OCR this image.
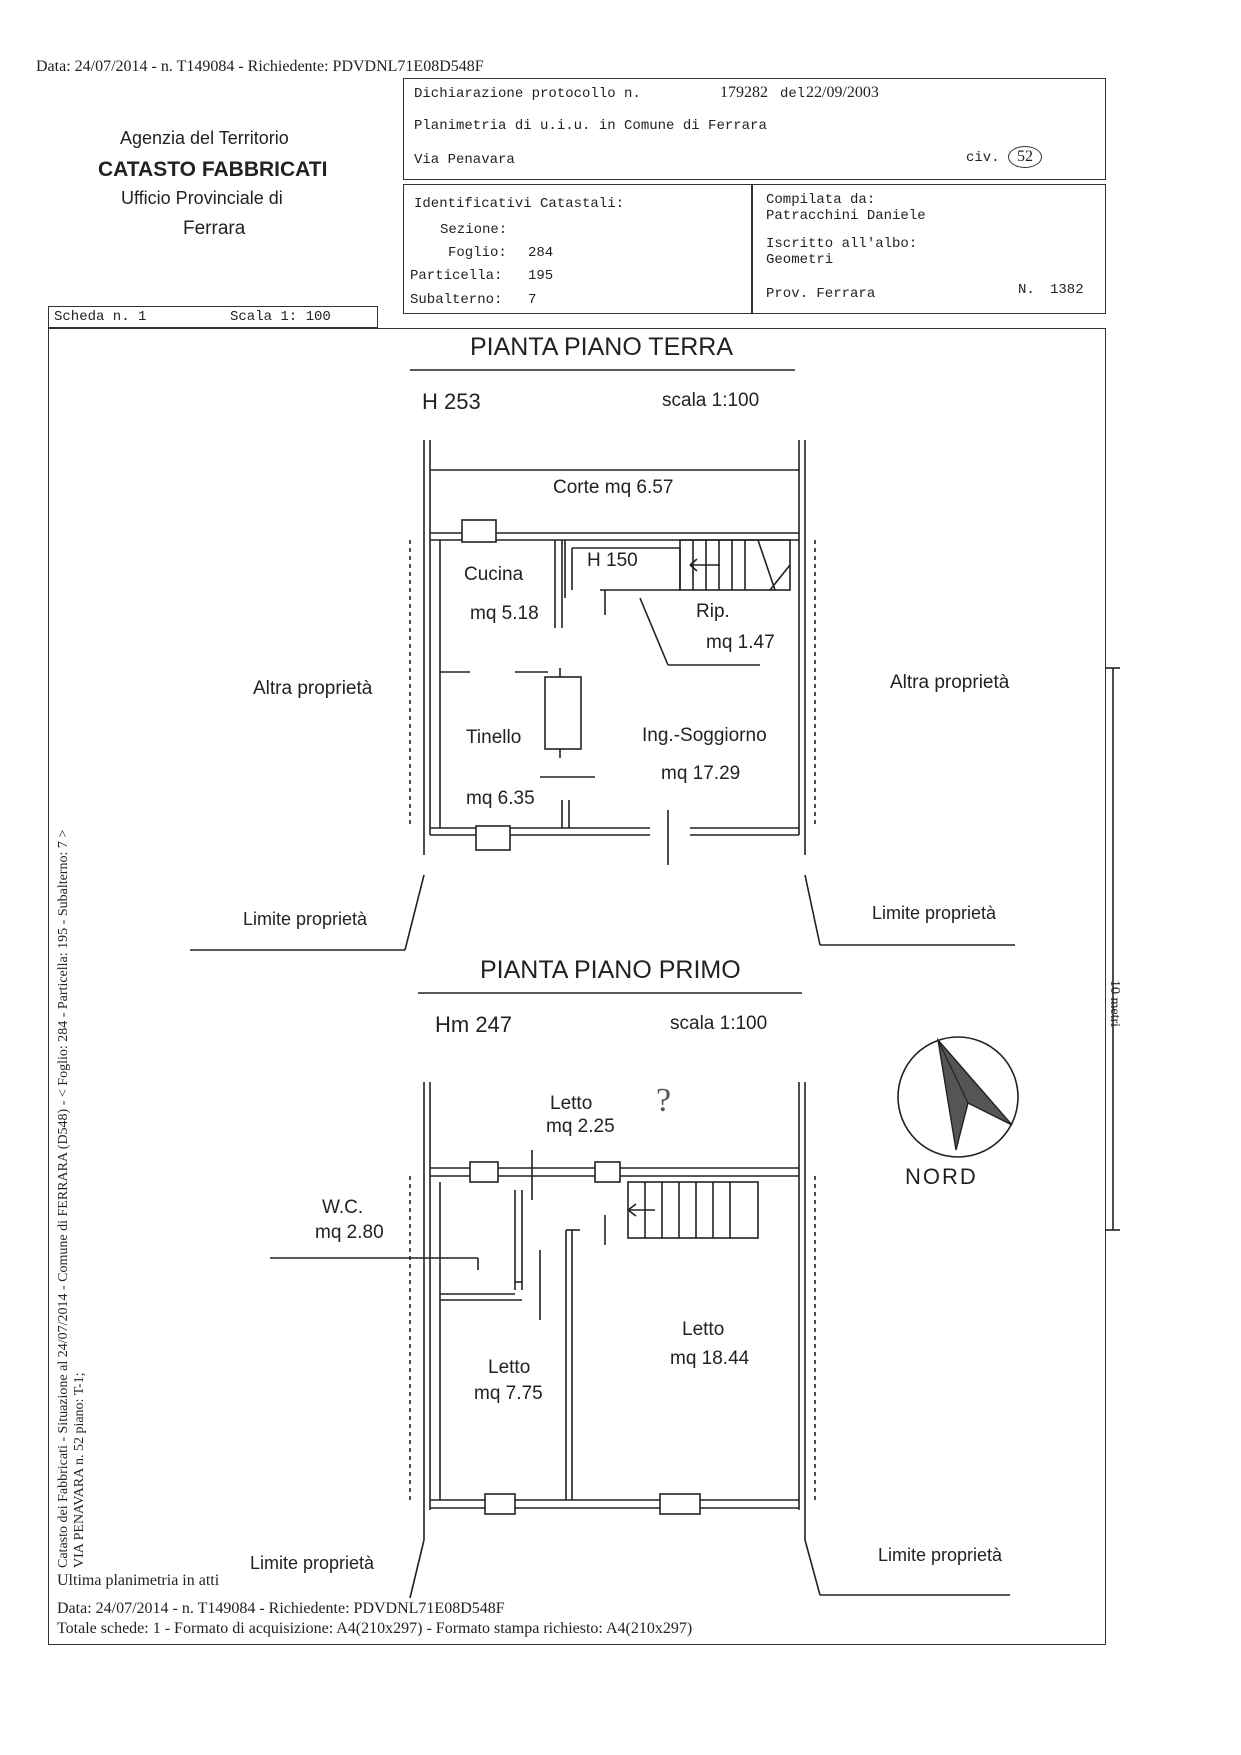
Data: 24/07/2014 - n. T149084 - Richiedente: PDVDNL71E08D548F
Agenzia del Territorio
CATASTO FABBRICATI
Ufficio Provinciale di
Ferrara
Dichiarazione protocollo n.	179282 del 22/09/2003
Planimetria di u.i.u. in Comune di Ferrara
Via Penavara	civ.	52
Identificativi Catastali:
Sezione:
Foglio: 284
Particella: 195
Subalterno: 7
Compilata da:
Patracchini Daniele
Iscritto all'albo:
Geometri
Prov. Ferrara	N. 1382
Scheda n. 1	Scala 1: 100
PIANTA PIANO TERRA
H 253	scala 1:100
Corte mq 6.57
H 150
Cucina
mq 5.18	Rip.
mq 1.47
Altra proprietà	Altra proprietà
Tinello	Ing.-Soggiorno
mq 17.29
mq 6.35
Limite proprietà	Limite proprietà
PIANTA PIANO PRIMO
Hm 247	scala 1:100
Letto
mq 2.25
?
W.C.
mq 2.80
Letto
mq 18.44
Letto
mq 7.75
Limite proprietà	Limite proprietà
NORD
10 metri
Catasto dei Fabbricati - Situazione al 24/07/2014 - Comune di FERRARA (D548) - < Foglio: 284 - Particella: 195 - Subalterno: 7 > VIA PENAVARA n. 52 piano: T-1;
Ultima planimetria in atti
Data: 24/07/2014 - n. T149084 - Richiedente: PDVDNL71E08D548F
Totale schede: 1 - Formato di acquisizione: A4(210x297) - Formato stampa richiesto: A4(210x297)
